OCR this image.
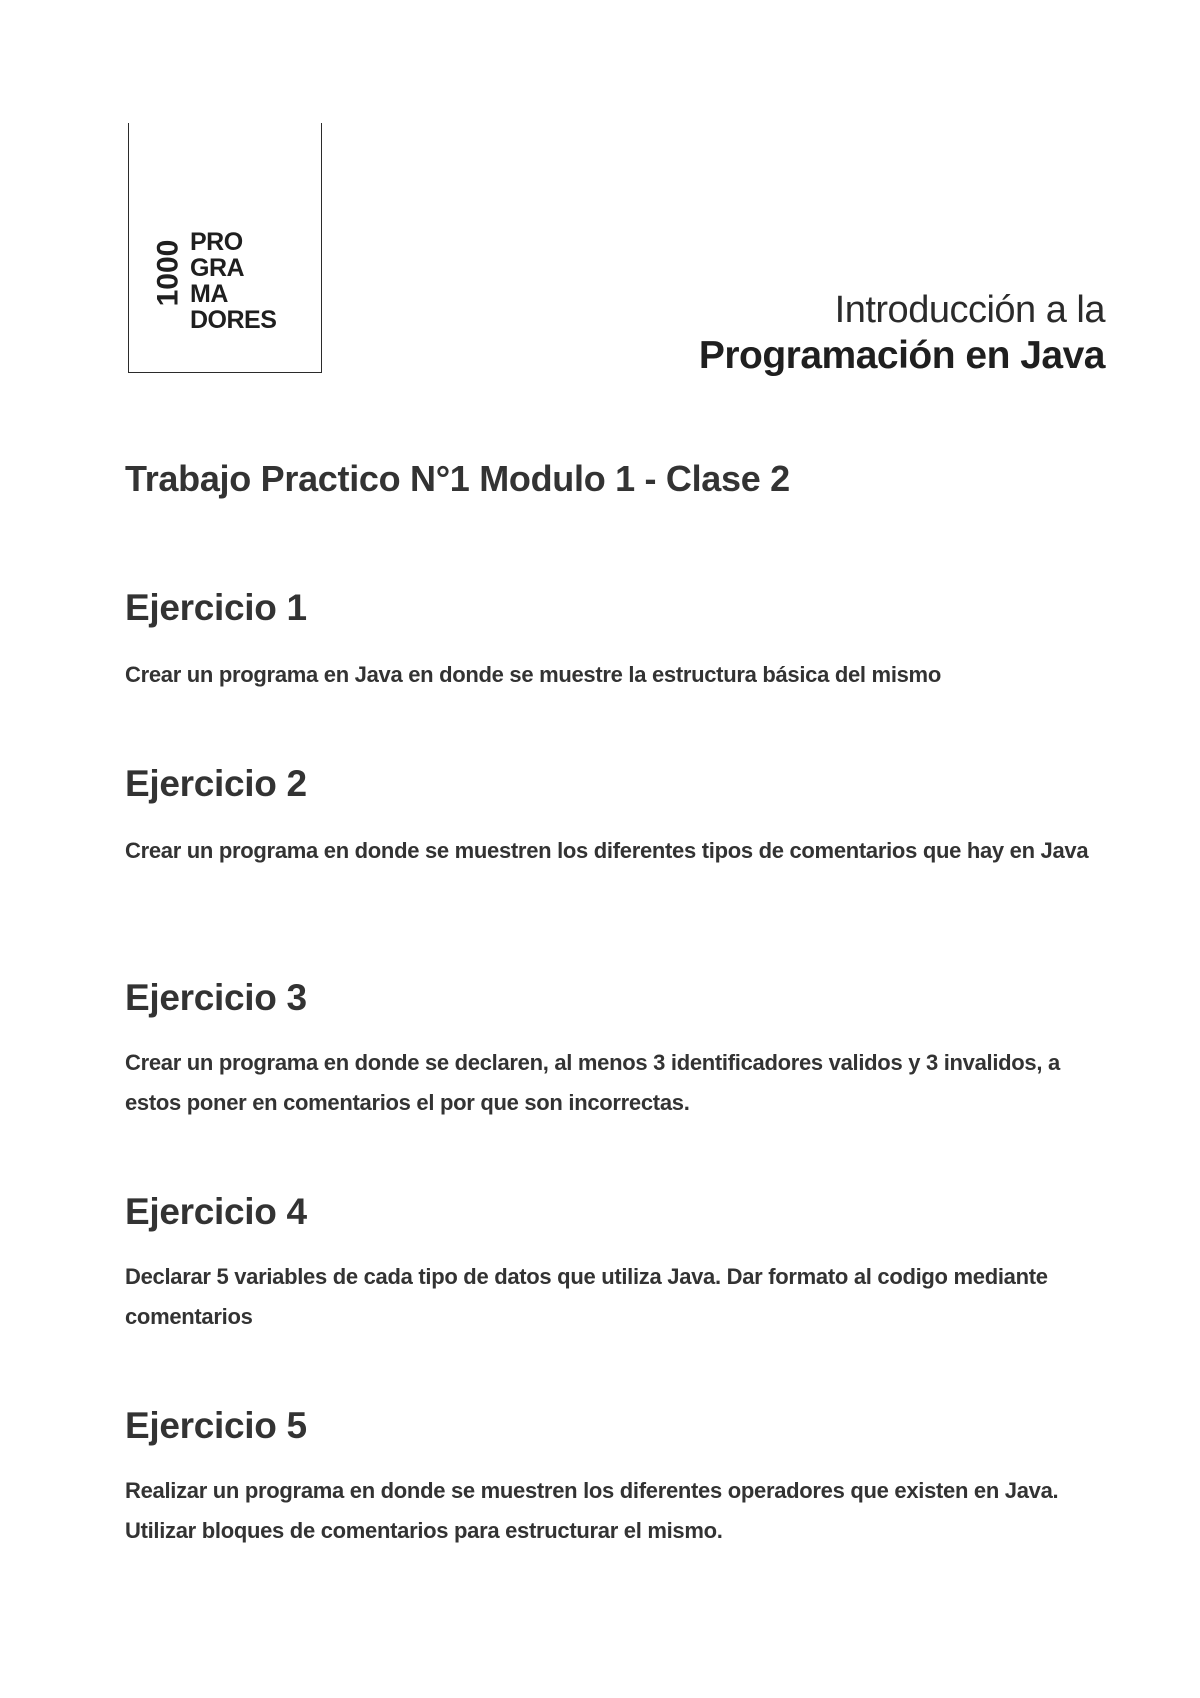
1000 PRO
GRA
MA
DORES	Introducción a la
Programación en Java
Trabajo Practico N°1 Modulo 1 - Clase 2
Ejercicio 1

Crear un programa en Java en donde se muestre la estructura básica del mismo

Ejercicio 2

Crear un programa en donde se muestren los diferentes tipos de comentarios que hay en Java

Ejercicio 3

Crear un programa en donde se declaren, al menos 3 identificadores validos y 3 invalidos, a estos poner en comentarios el por que son incorrectas.

Ejercicio 4

Declarar 5 variables de cada tipo de datos que utiliza Java. Dar formato al codigo mediante comentarios

Ejercicio 5

Realizar un programa en donde se muestren los diferentes operadores que existen en Java. Utilizar bloques de comentarios para estructurar el mismo.
